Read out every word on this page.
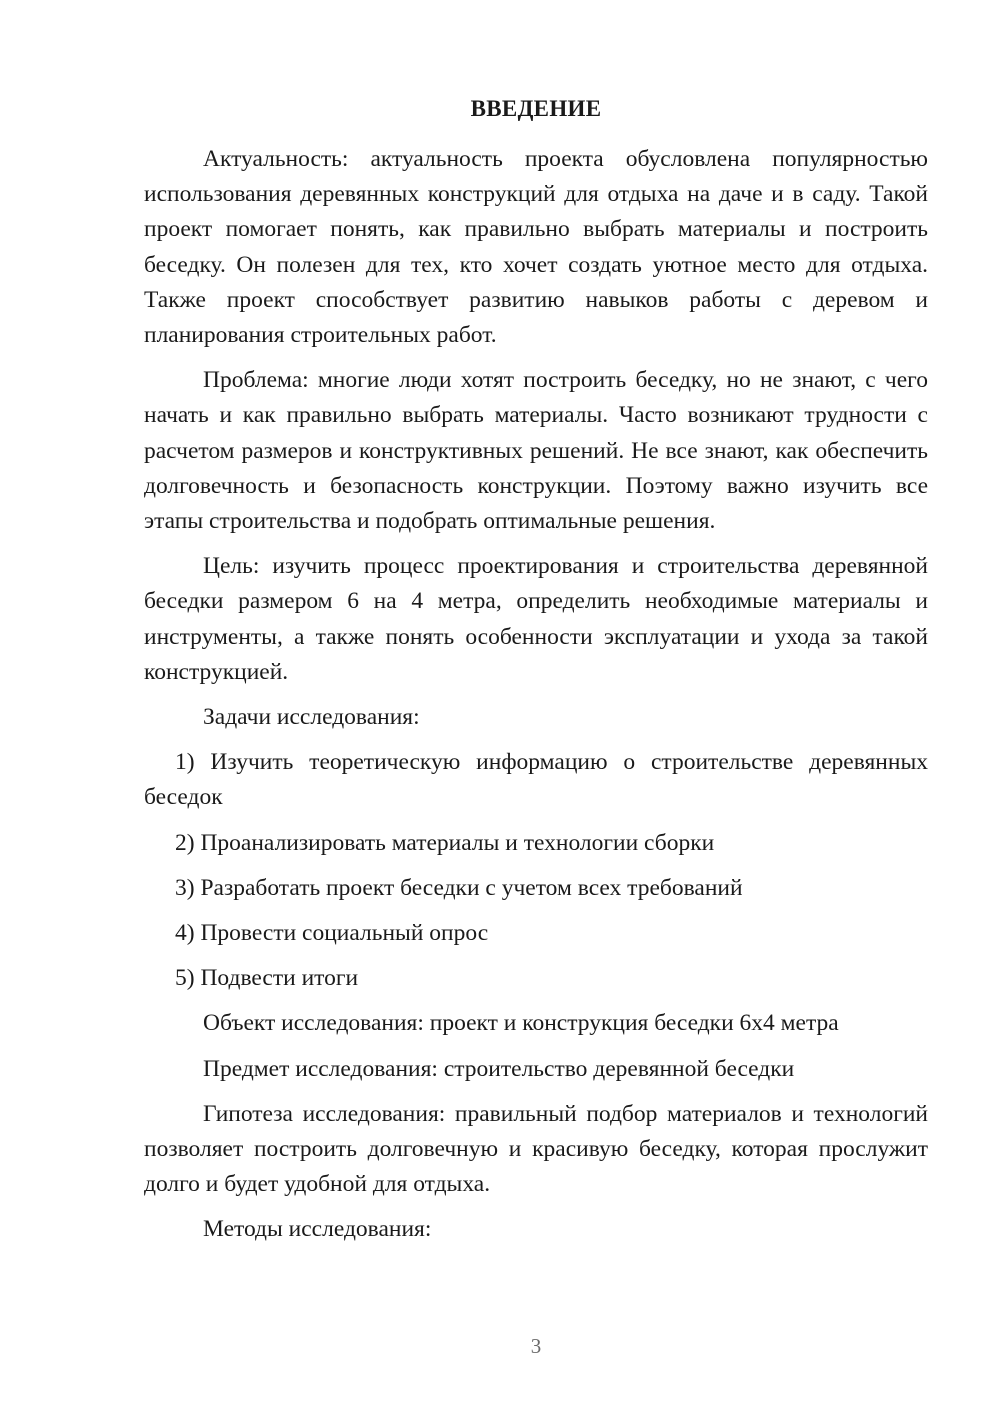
ВВЕДЕНИЕ

Актуальность: актуальность проекта обусловлена популярностью использования деревянных конструкций для отдыха на даче и в саду. Такой проект помогает понять, как правильно выбрать материалы и построить беседку. Он полезен для тех, кто хочет создать уютное место для отдыха. Также проект способствует развитию навыков работы с деревом и планирования строительных работ.

Проблема: многие люди хотят построить беседку, но не знают, с чего начать и как правильно выбрать материалы. Часто возникают трудности с расчетом размеров и конструктивных решений. Не все знают, как обеспечить долговечность и безопасность конструкции. Поэтому важно изучить все этапы строительства и подобрать оптимальные решения.

Цель: изучить процесс проектирования и строительства деревянной беседки размером 6 на 4 метра, определить необходимые материалы и инструменты, а также понять особенности эксплуатации и ухода за такой конструкцией.

Задачи исследования:

1) Изучить теоретическую информацию о строительстве деревянных беседок

2) Проанализировать материалы и технологии сборки

3) Разработать проект беседки с учетом всех требований

4) Провести социальный опрос

5) Подвести итоги

Объект исследования: проект и конструкция беседки 6х4 метра

Предмет исследования: строительство деревянной беседки

Гипотеза исследования: правильный подбор материалов и технологий позволяет построить долговечную и красивую беседку, которая прослужит долго и будет удобной для отдыха.

Методы исследования:

3
